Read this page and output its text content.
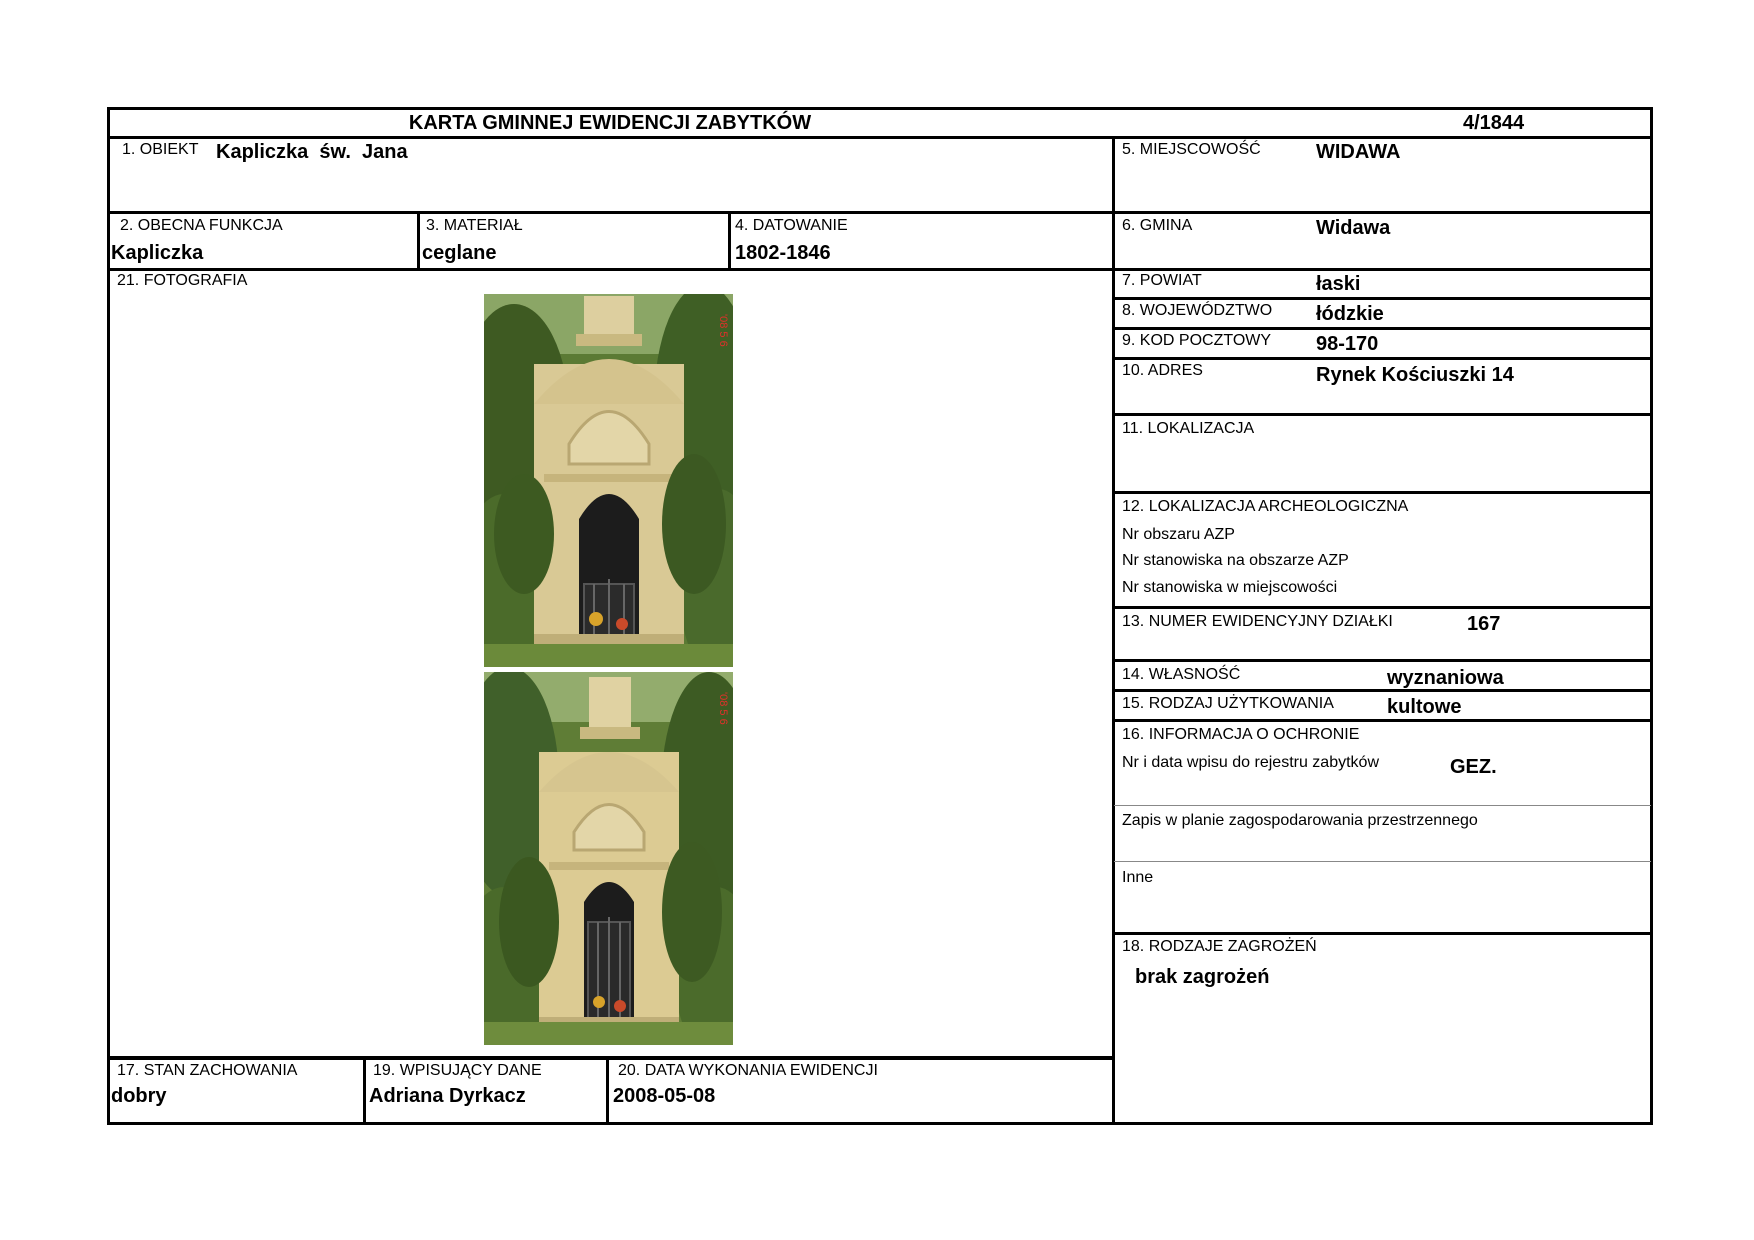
KARTA GMINNEJ EWIDENCJI ZABYTKÓW	4/1844
1. OBIEKT Kapliczka  św.  Jana
2. OBECNA FUNKCJA
Kapliczka
3. MATERIAŁ
ceglane
4. DATOWANIE
1802-1846
21. FOTOGRAFIA
'08 5 6
'08 5 6
17. STAN ZACHOWANIA
dobry
19. WPISUJĄCY DANE
Adriana Dyrkacz
20. DATA WYKONANIA EWIDENCJI
2008-05-08
5. MIEJSCOWOŚĆ	WIDAWA
6. GMINA	Widawa
7. POWIAT	łaski
8. WOJEWÓDZTWO łódzkie
9. KOD POCZTOWY 98-170
10. ADRES	Rynek Kościuszki 14
11. LOKALIZACJA
12. LOKALIZACJA ARCHEOLOGICZNA
Nr obszaru AZP
Nr stanowiska na obszarze AZP
Nr stanowiska w miejscowości
13. NUMER EWIDENCYJNY DZIAŁKI	167
14. WŁASNOŚĆ	wyznaniowa
15. RODZAJ UŻYTKOWANIA	kultowe
16. INFORMACJA O OCHRONIE
Nr i data wpisu do rejestru zabytków	GEZ.
Zapis w planie zagospodarowania przestrzennego
Inne
18. RODZAJE ZAGROŻEŃ
brak zagrożeń
